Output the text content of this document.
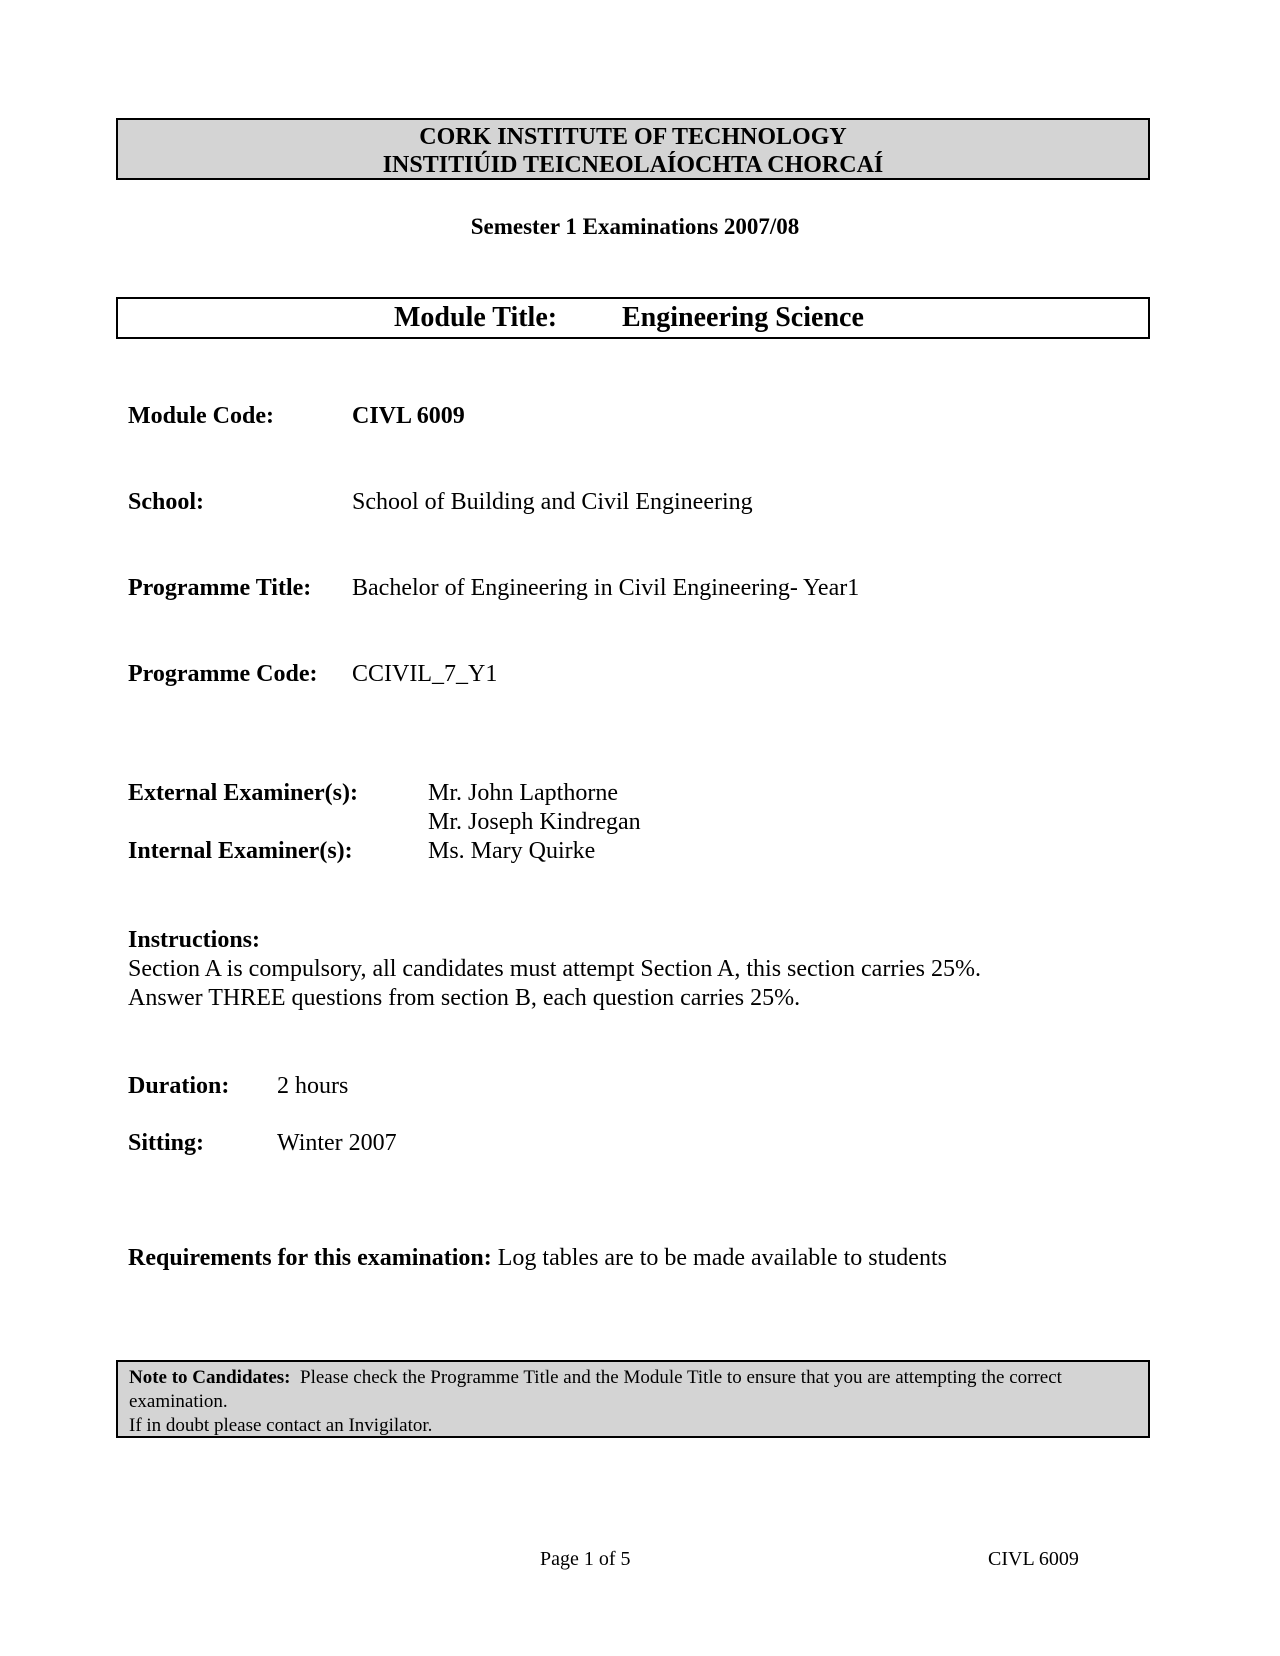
CORK INSTITUTE OF TECHNOLOGY
INSTITIÚID TEICNEOLAÍOCHTA CHORCAÍ
Semester 1 Examinations 2007/08
Module Title: Engineering Science
Module Code:	CIVL 6009
School:	School of Building and Civil Engineering
Programme Title: Bachelor of Engineering in Civil Engineering- Year1
Programme Code: CCIVIL_7_Y1
External Examiner(s):	Mr. John Lapthorne
Mr. Joseph Kindregan
Internal Examiner(s):	Ms. Mary Quirke
Instructions:
Section A is compulsory, all candidates must attempt Section A, this section carries 25%.
Answer THREE questions from section B, each question carries 25%.
Duration: 2 hours
Sitting:	Winter 2007
Requirements for this examination: Log tables are to be made available to students
Note to Candidates: Please check the Programme Title and the Module Title to ensure that you are attempting the correct examination.
If in doubt please contact an Invigilator.
Page 1 of 5	CIVL 6009
